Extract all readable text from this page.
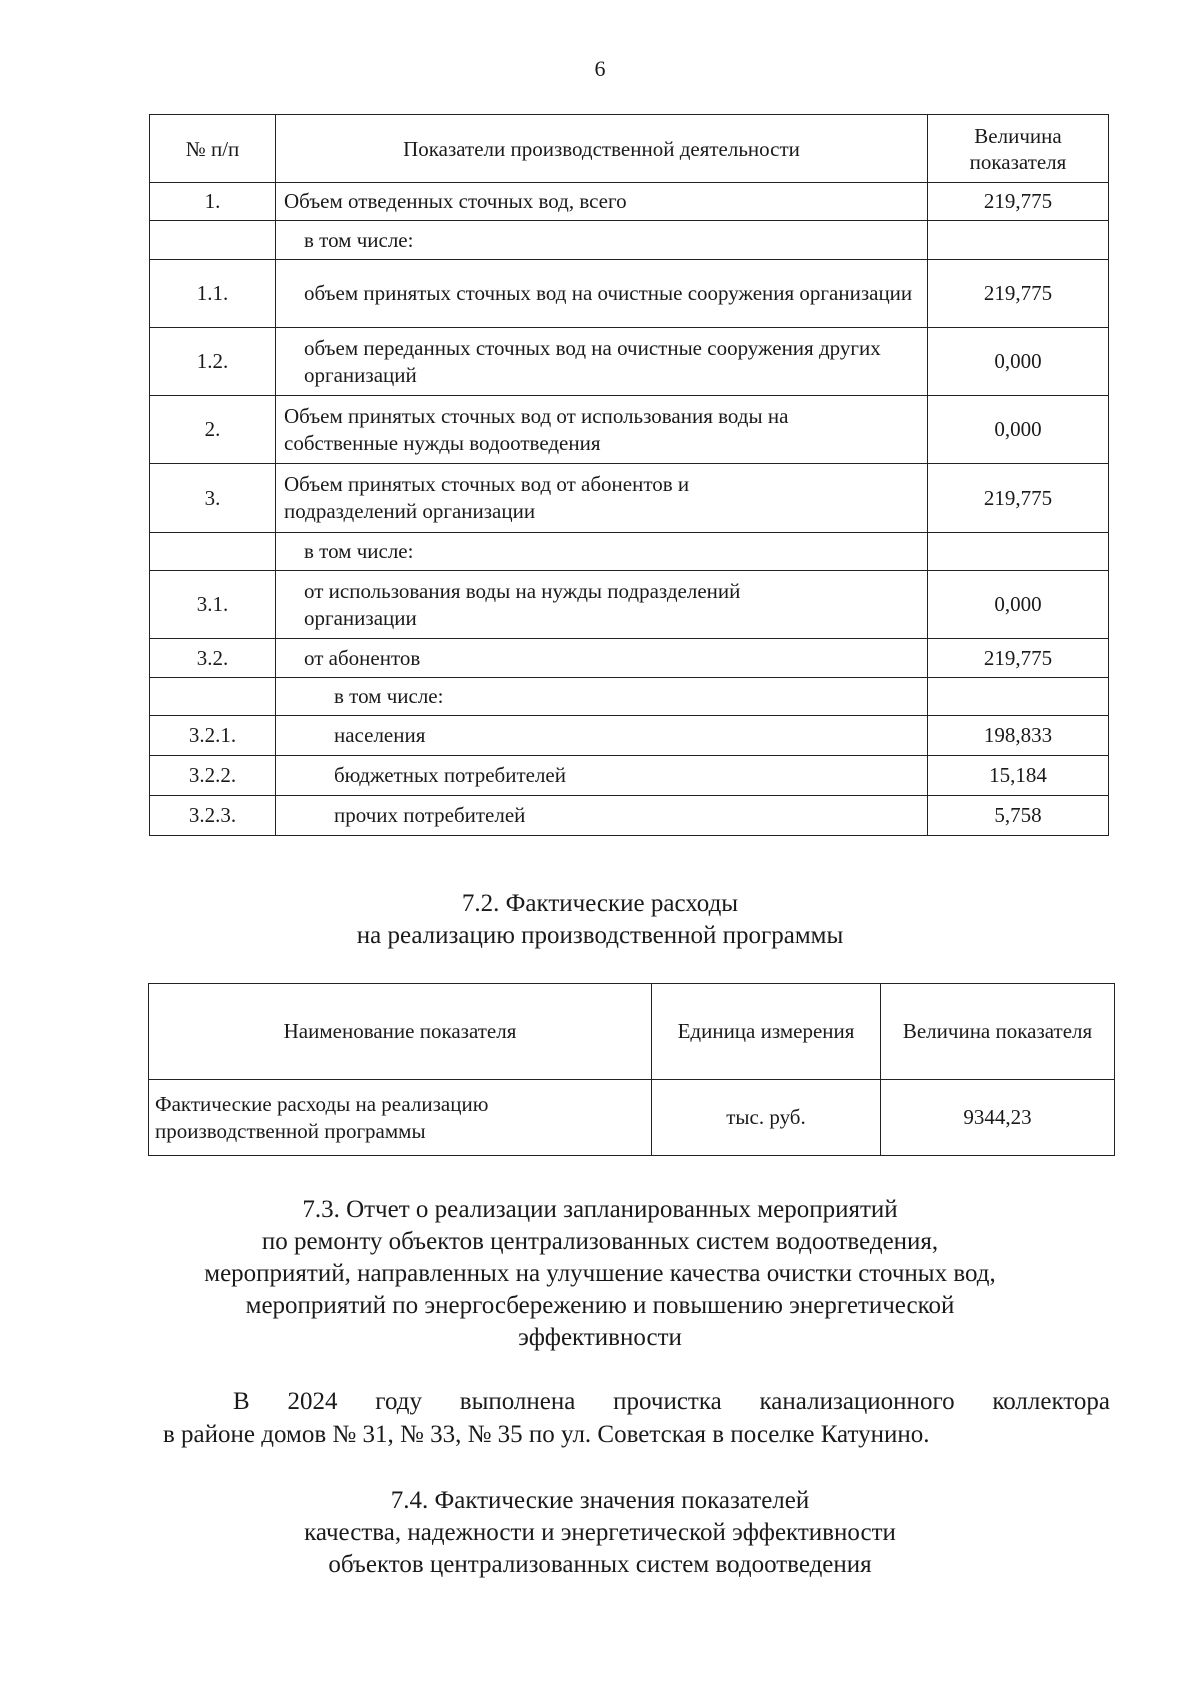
6
№ п/п	Показатели производственной деятельности	Величина
показателя

1.	Объем отведенных сточных вод, всего	219,775
	в том числе:	
1.1.	объем принятых сточных вод на очистные сооружения организации	219,775
1.2.	объем переданных сточных вод на очистные сооружения других организаций	0,000
2.	Объем принятых сточных вод от использования воды на собственные нужды водоотведения	0,000
3.	Объем принятых сточных вод от абонентов и подразделений организации	219,775
	в том числе:	
3.1.	от использования воды на нужды подразделений организации	0,000
3.2.	от абонентов	219,775
	в том числе:	
3.2.1.	населения	198,833
3.2.2.	бюджетных потребителей	15,184
3.2.3.	прочих потребителей	5,758
7.2. Фактические расходы
на реализацию производственной программы
Наименование показателя	Единица измерения	Величина показателя

Фактические расходы на реализацию
производственной программы	тыс. руб.	9344,23
7.3. Отчет о реализации запланированных мероприятий
по ремонту объектов централизованных систем водоотведения,
мероприятий, направленных на улучшение качества очистки сточных вод,
мероприятий по энергосбережению и повышению энергетической
эффективности
В 2024 году выполнена прочистка канализационного коллектора
в районе домов № 31, № 33, № 35 по ул. Советская в поселке Катунино.
7.4. Фактические значения показателей
качества, надежности и энергетической эффективности
объектов централизованных систем водоотведения
